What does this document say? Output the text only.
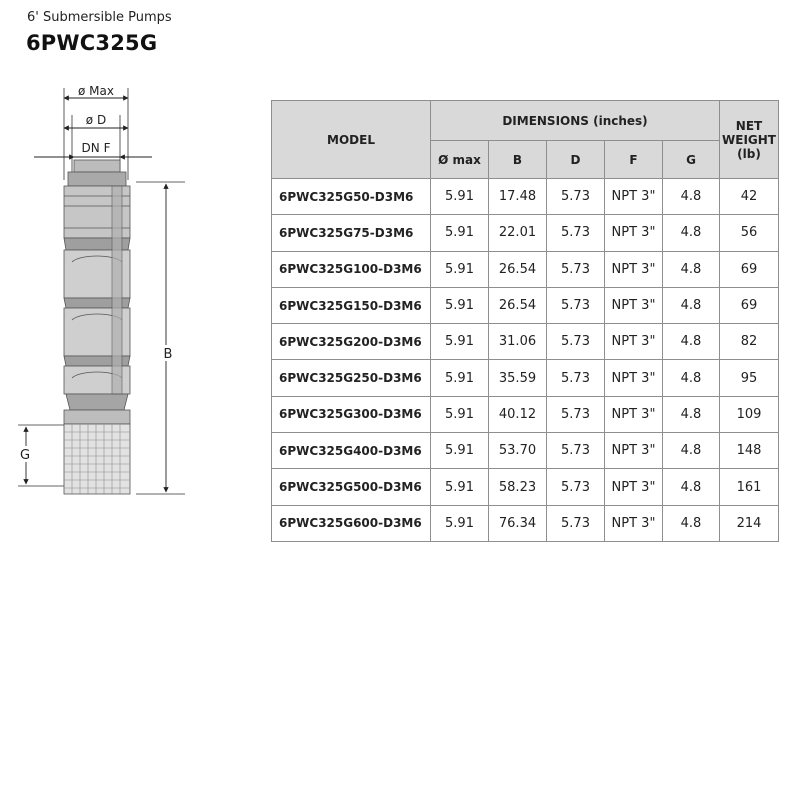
6' Submersible Pumps
6PWC325G
ø Max
ø D
DN F
B
G
MODEL	DIMENSIONS (inches)					NET
WEIGHT
(lb)

	Ø max	B	D	F	G	
6PWC325G50-D3M6	5.91	17.48	5.73	NPT 3"	4.8	42
6PWC325G75-D3M6	5.91	22.01	5.73	NPT 3"	4.8	56
6PWC325G100-D3M6	5.91	26.54	5.73	NPT 3"	4.8	69
6PWC325G150-D3M6	5.91	26.54	5.73	NPT 3"	4.8	69
6PWC325G200-D3M6	5.91	31.06	5.73	NPT 3"	4.8	82
6PWC325G250-D3M6	5.91	35.59	5.73	NPT 3"	4.8	95
6PWC325G300-D3M6	5.91	40.12	5.73	NPT 3"	4.8	109
6PWC325G400-D3M6	5.91	53.70	5.73	NPT 3"	4.8	148
6PWC325G500-D3M6	5.91	58.23	5.73	NPT 3"	4.8	161
6PWC325G600-D3M6	5.91	76.34	5.73	NPT 3"	4.8	214
